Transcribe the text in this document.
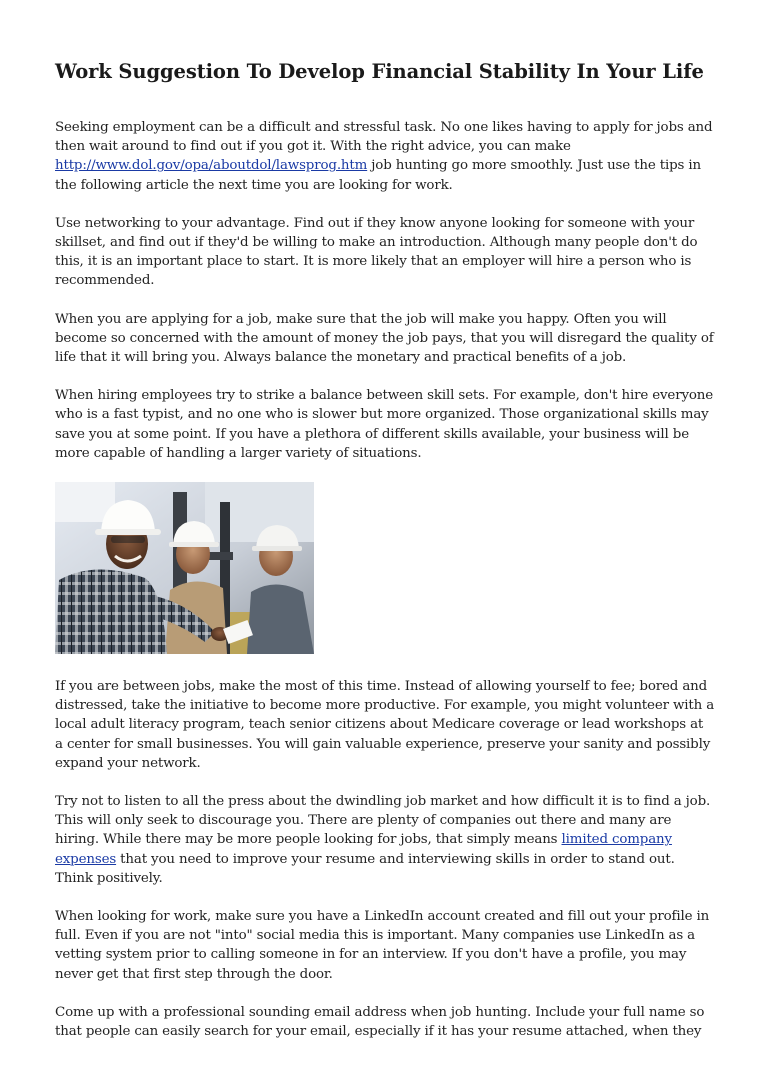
Work Suggestion To Develop Financial Stability In Your Life

Seeking employment can be a difficult and stressful task. No one likes having to apply for jobs and then wait around to find out if you got it. With the right advice, you can make http://www.dol.gov/opa/aboutdol/lawsprog.htm job hunting go more smoothly. Just use the tips in the following article the next time you are looking for work.

Use networking to your advantage. Find out if they know anyone looking for someone with your skillset, and find out if they'd be willing to make an introduction. Although many people don't do this, it is an important place to start. It is more likely that an employer will hire a person who is recommended.

When you are applying for a job, make sure that the job will make you happy. Often you will become so concerned with the amount of money the job pays, that you will disregard the quality of life that it will bring you. Always balance the monetary and practical benefits of a job.

When hiring employees try to strike a balance between skill sets. For example, don't hire everyone who is a fast typist, and no one who is slower but more organized. Those organizational skills may save you at some point. If you have a plethora of different skills available, your business will be more capable of handling a larger variety of situations.

If you are between jobs, make the most of this time. Instead of allowing yourself to fee; bored and distressed, take the initiative to become more productive. For example, you might volunteer with a local adult literacy program, teach senior citizens about Medicare coverage or lead workshops at a center for small businesses. You will gain valuable experience, preserve your sanity and possibly expand your network.

Try not to listen to all the press about the dwindling job market and how difficult it is to find a job. This will only seek to discourage you. There are plenty of companies out there and many are hiring. While there may be more people looking for jobs, that simply means limited company expenses that you need to improve your resume and interviewing skills in order to stand out. Think positively.

When looking for work, make sure you have a LinkedIn account created and fill out your profile in full. Even if you are not "into" social media this is important. Many companies use LinkedIn as a vetting system prior to calling someone in for an interview. If you don't have a profile, you may never get that first step through the door.

Come up with a professional sounding email address when job hunting. Include your full name so that people can easily search for your email, especially if it has your resume attached, when they
